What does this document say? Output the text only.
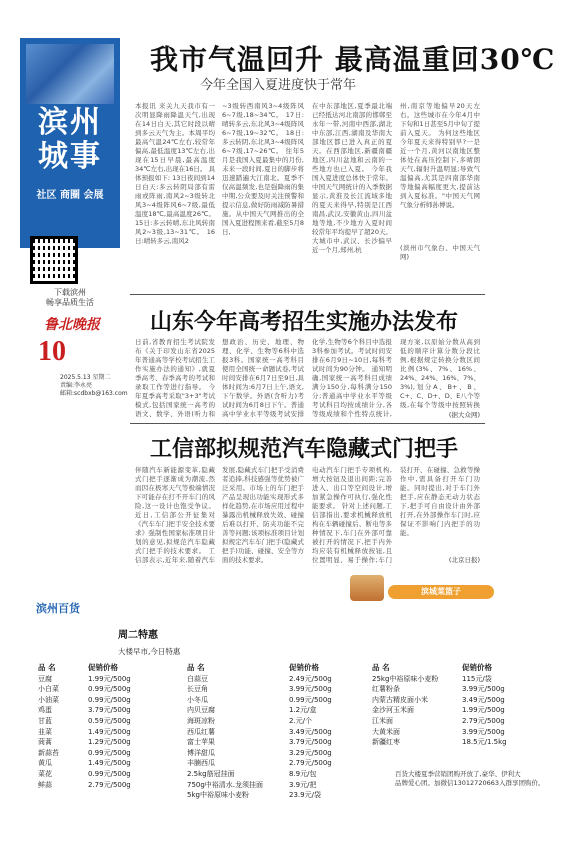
滨州
城事
社区 商圈 会展
下载滨州
畅享品质生活
鲁北晚报
10
2025.5.13 星期二
责编:李永亮
邮箱:scdbxb@163.com
我市气温回升 最高温重回30℃
今年全国入夏进度快于常年
本报讯 来关九天我市有一次明显降雨降温天气,出现在14日白天,其它时段以晴到多云天气为主。本周平均最高气温24℃左右,较常年偏高,最低温度13℃左右,出现在15日早晨,最高温度34℃左右,出现在16日。 具体预报如下: 13日夜间到14日白天:多云转阴局部有雷雨或阵雨,南风2~3级转北风3~4级阵风6~7级,最低温度18℃,最高温度26℃。 15日:多云转晴,东北风转南风2~3级,13~31℃。 16日:晴转多云,南风2
~3级转西南风3~4级阵风6~7级,18~34℃。 17日:晴转多云,东北风3~4级阵风6~7级,19~32℃。 18日:多云转阴,东北风3~4级阵风6~7级,17~26℃。 往年5月是我国入夏最集中的月份,未来一段时间,夏日的脚步将迅速踏遍大江南北。夏季不仅高温频发,也是强降雨的集中期,公众要及时关注预警和提示信息,做好防雨减防暑措施。从中国天气网推出的全国入夏进程图来看,截至5月8日,
在中东部地区,夏季最北端已经抵达河北南部的邯郸至永年一带,河南中西部,湖北中东部,江西,湖南及华南大部地区都已进入真正的夏天。在西部地区,新疆南疆地区,四川盆地和云南的一些地方也已入夏。 今年我国入夏进度总体快于常年。中国天气网统计的入季数据显示,黄淮及长江流域多地的夏天来得早,特别是江西南昌,武汉,安徽黄山,四川盆地等地,不少地方入夏时间较常年平均提早了超20天。大城市中,武汉、长沙偏早近一个月,郑州,杭
州,南京等地偏早20天左右。这些城市在今年4月中下旬和1日甚至5月中旬了提前入夏天。 为何这些地区今年夏天来得特别早?一是近一个月,黄河以南地区整体处在高压控制下,多晴朗天气,辐射升温明显;导致气温偏高,尤其是四南部华南等地偏高幅度更大,提前达到入夏标准。"中国天气网气象分析师孙博说。
(滨州市气象台、中国天气网)
山东今年高考招生实施办法发布
日前,省教育招生考试院发布《关于印发山东省2025年普通高等学校考试招生工作实施办法的通知》,就夏季高考、春季高考的考试和录取工作等进行指导。 今年夏季高考采取"3+3"考试模式,包括国家统一高考的语文、数学、外语(听力和
想政治、历史、地理、物理、化学、生物等6科中选报3科。国家统一高考科目使用全国统一命题试卷,考试时间安排在6月7日至9日,具体时间为:6月7日上午,语文,下午数学。外语(含听力)考试时间为6月8日下午。普通高中学业水平等级考试安排
化学,生物等6个科目中选报3科参加考试。考试时间安排在6月9日~10日,每科考试时间为90分钟。 通知明确,国家统一高考科目成绩满分150分,每科满分150分;普通高中学业水平等级考试科目均按成绩计分,各等级成绩和个性特点统计,
现方案,以原始分数从高到低的顺序计算分数分段比例,根据规定转换分数区间比例(3%、7%、16%、24%、24%、16%、7%、3%),划分A、B+、B、C+、C、D+、D、E八个等级,在每个等级中按照转换
(据大众网)
工信部拟规范汽车隐藏式门把手
伴随汽车新能源变革,隐藏式门把手逐渐成为潮流,然而因在极寒天气等极端情况下可能存在打不开车门的风险,这一设计也饱受争议。近日,工信部公开征集对《汽车车门把手安全技术要求》强制性国家标准项目计划的意见,拟规范汽车隐藏式门把手的技术要求。 工信部表示,近年来,随着汽车
发展,隐藏式车门把手受消费者追捧,科技感强等优势被广泛采用。市场上的车门把手产品呈现出功能实现形式多样化趋势,在市场应用过程中暴露出机械释放失效、碰撞后难以打开、防夹功能不完善等问题;该项标准项目计划拟规定汽车车门把手(隐藏式把手)功能、碰撞、安全等方面的技术要求。
电动汽车门把手专项机构,增大按钮及退出间距;完善进入、出口等空间设计,增加紧急操作可执行,强化性能要求。 针对上述问题,工信部指出,要求机械释放机构在车辆碰撞后、断电等多种情况下,车门在外部可靠被打开的情况下,把手内外均应装有机械释放按钮,且位置明显、易于操作;车门
装打开、在碰撞、急救等操作中,需具备打开车门功能。同时提出,对于车门外把手,应在静态无动力状态下,把手可自由设计由外部打开,在外部操作车门时,应保证不影响门内把手的功能。
(北京日报)
滨城菜篮子
滨州百货
周二特惠
大楼早市,今日特惠
品 名	促销价格
豆腐	1.99元/500g
小白菜	0.99元/500g
小油菜	0.99元/500g
鸡蛋	3.79元/500g
甘蓝	0.59元/500g
韭菜	1.49元/500g
茼蒿	1.29元/500g
新蒜苔	0.99元/500g
黄瓜	1.49元/500g
菜花	0.99元/500g
鲜蒜	2.79元/500g
品 名	促销价格
白蒜豆	2.49元/500g
长豆角	3.99元/500g
小冬瓜	0.99元/500g
内贝豆腐	1.2元/盒
海斑凉粉	2.元/个
西瓜红薯	3.49元/500g
富士苹果	3.79元/500g
博洋甜瓜	3.29元/500g
丰腩西瓜	2.79元/500g
2.5kg筋冠挂面	8.9元/包
750g中裕清水.龙须挂面	3.9元/把
5kg中裕原味小麦粉	23.9元/袋
品 名	促销价格
25kg中裕原味小麦粉	115元/袋
红薯粉条	3.99元/500g
内蒙古精皮面小米	3.49元/500g
金沙河玉米面	1.99元/500g
江米面	2.79元/500g
大黄米面	3.99元/500g
新疆红枣	18.5元/1.5kg
百货大楼夏季营销团购开放了,豪华、伊利大
品牌爱心团。加微信13012720663入群享团购价。
